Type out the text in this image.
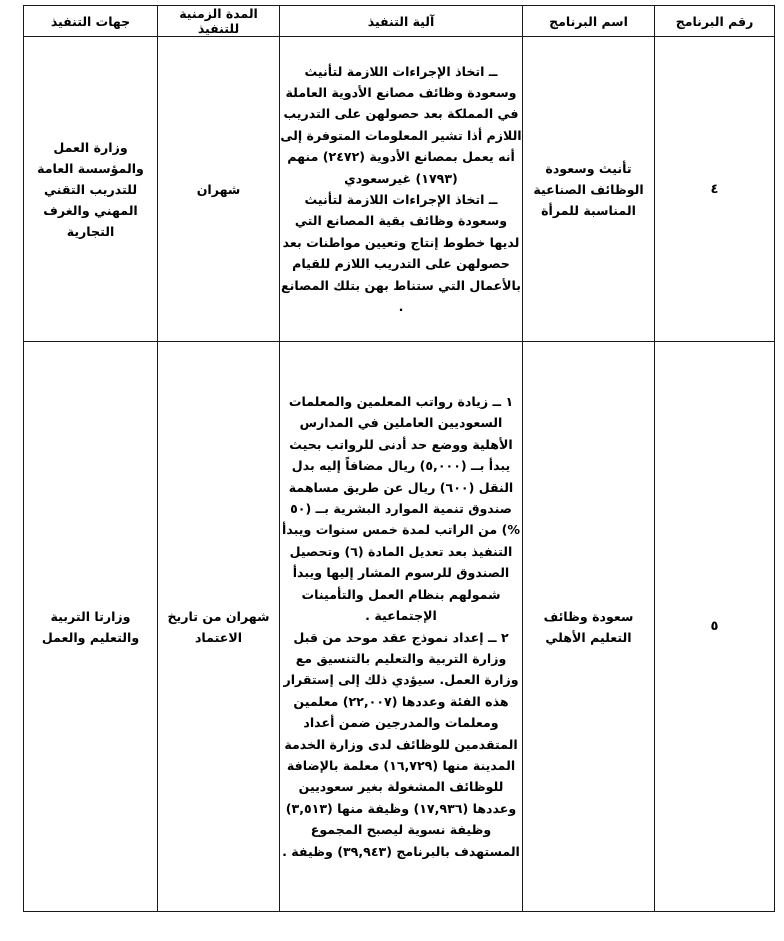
رقم البرنامج	اسم البرنامج	آلية التنفيذ	المدة الزمنية للتنفيذ	جهات التنفيذ
٤	تأنيث وسعودة الوظائف الصناعية المناسبة للمرأة	ــ اتخاذ الإجراءات اللازمة لتأنيث وسعودة وظائف مصانع الأدوية العاملة في المملكة بعد حصولهن على التدريب اللازم أذا تشير المعلومات المتوفرة إلى أنه يعمل بمصانع الأدوية (٢٤٧٢) منهم (١٧٩٣) غيرسعودي

ــ اتخاذ الإجراءات اللازمة لتأنيث وسعودة وظائف بقية المصانع التي لديها خطوط إنتاج وتعيين مواطنات بعد حصولهن على التدريب اللازم للقيام بالأعمال التي ستناط بهن بتلك المصانع .	شهران	وزارة العمل والمؤسسة العامة للتدريب التقني المهني والغرف التجارية
٥	سعودة وظائف التعليم الأهلي	١ ــ زيادة رواتب المعلمين والمعلمات السعوديين العاملين في المدارس الأهلية ووضع حد أدنى للرواتب بحيث يبدأ بــ (٥,٠٠٠) ريال مضافاً إليه بدل النقل (٦٠٠) ريال عن طريق مساهمة صندوق تنمية الموارد البشرية بــ (٥٠ %) من الراتب لمدة خمس سنوات ويبدأ التنفيذ بعد تعديل المادة (٦) وتحصيل الصندوق للرسوم المشار إليها ويبدأ شمولهم بنظام العمل والتأمينات الإجتماعية .

٢ ــ إعداد نموذج عقد موحد من قبل وزارة التربية والتعليم بالتنسيق مع وزارة العمل. سيؤدي ذلك إلى إستقرار هذه الفئة وعددها (٢٢,٠٠٧) معلمين ومعلمات والمدرجين ضمن أعداد المتقدمين للوظائف لدى وزارة الخدمة المدينة منها (١٦,٧٢٩) معلمة بالإضافة للوظائف المشغولة بغير سعوديين وعددها (١٧,٩٣٦) وظيفة منها (٣,٥١٣) وظيفة نسوية ليصبح المجموع المستهدف بالبرنامج (٣٩,٩٤٣) وظيفة .	شهران من تاريخ الاعتماد	وزارتا التربية والتعليم والعمل
